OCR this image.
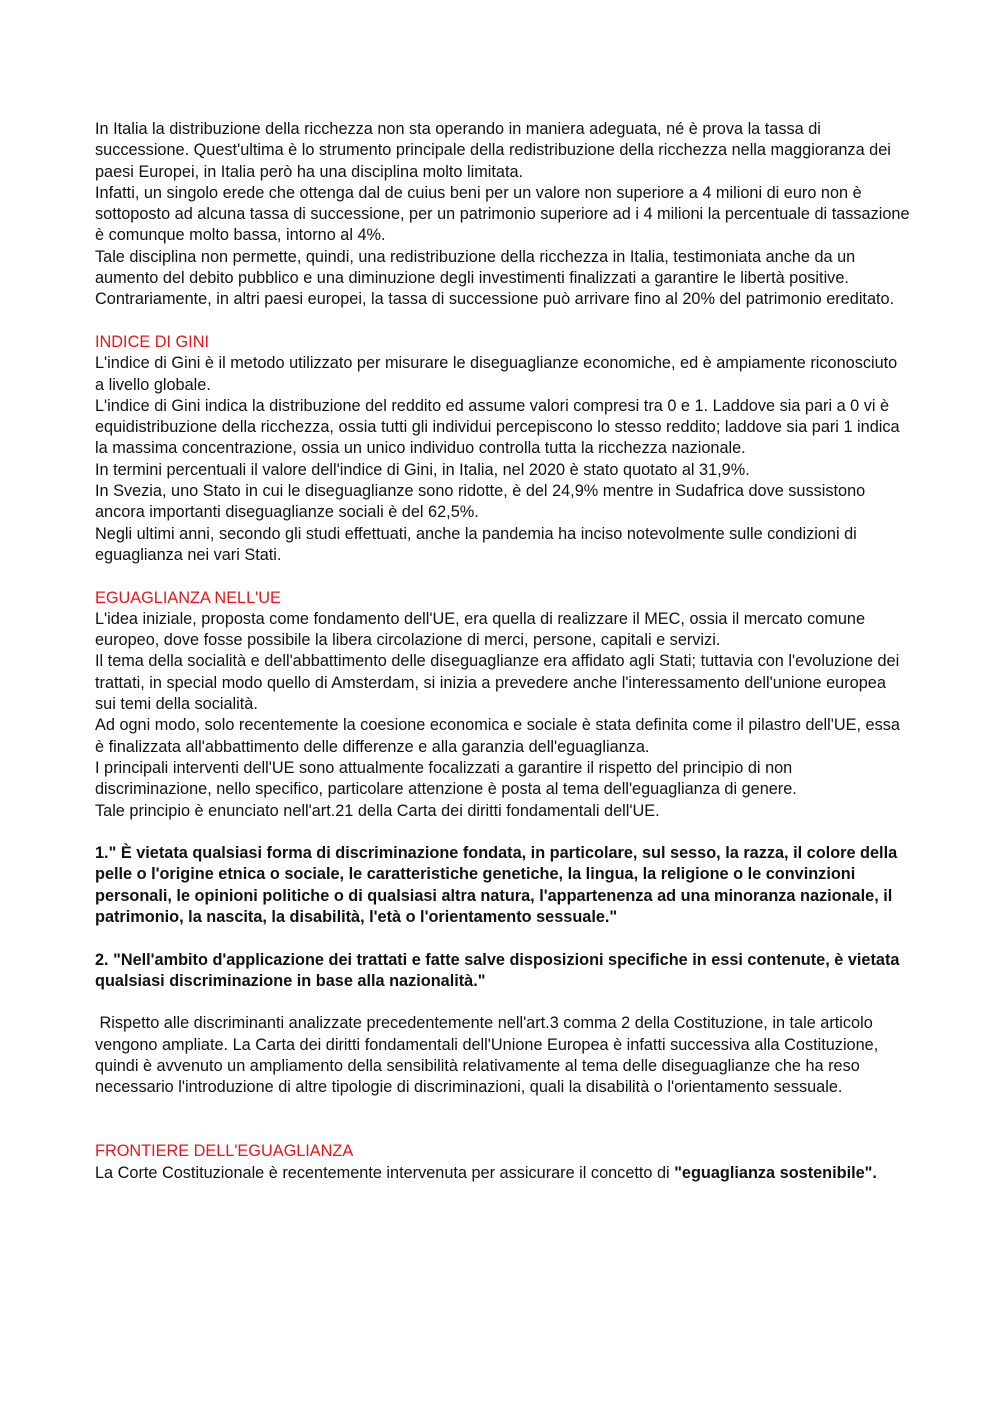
In Italia la distribuzione della ricchezza non sta operando in maniera adeguata, né è prova la tassa di successione. Quest'ultima è lo strumento principale della redistribuzione della ricchezza nella maggioranza dei paesi Europei, in Italia però ha una disciplina molto limitata.

Infatti, un singolo erede che ottenga dal de cuius beni per un valore non superiore a 4 milioni di euro non è sottoposto ad alcuna tassa di successione, per un patrimonio superiore ad i 4 milioni la percentuale di tassazione è comunque molto bassa, intorno al 4%.

Tale disciplina non permette, quindi, una redistribuzione della ricchezza in Italia, testimoniata anche da un aumento del debito pubblico e una diminuzione degli investimenti finalizzati a garantire le libertà positive.

Contrariamente, in altri paesi europei, la tassa di successione può arrivare fino al 20% del patrimonio ereditato.

INDICE DI GINI

L'indice di Gini è il metodo utilizzato per misurare le diseguaglianze economiche, ed è ampiamente riconosciuto a livello globale.

L'indice di Gini indica la distribuzione del reddito ed assume valori compresi tra 0 e 1. Laddove sia pari a 0 vi è equidistribuzione della ricchezza, ossia tutti gli individui percepiscono lo stesso reddito; laddove sia pari 1 indica la massima concentrazione, ossia un unico individuo controlla tutta la ricchezza nazionale.

In termini percentuali il valore dell'indice di Gini, in Italia, nel 2020 è stato quotato al 31,9%.

In Svezia, uno Stato in cui le diseguaglianze sono ridotte, è del 24,9% mentre in Sudafrica dove sussistono ancora importanti diseguaglianze sociali è del 62,5%.

Negli ultimi anni, secondo gli studi effettuati, anche la pandemia ha inciso notevolmente sulle condizioni di eguaglianza nei vari Stati.

EGUAGLIANZA NELL'UE

L'idea iniziale, proposta come fondamento dell'UE, era quella di realizzare il MEC, ossia il mercato comune europeo, dove fosse possibile la libera circolazione di merci, persone, capitali e servizi.

Il tema della socialità e dell'abbattimento delle diseguaglianze era affidato agli Stati; tuttavia con l'evoluzione dei trattati, in special modo quello di Amsterdam, si inizia a prevedere anche l'interessamento dell'unione europea sui temi della socialità.

Ad ogni modo, solo recentemente la coesione economica e sociale è stata definita come il pilastro dell'UE, essa è finalizzata all'abbattimento delle differenze e alla garanzia dell'eguaglianza.

I principali interventi dell'UE sono attualmente focalizzati a garantire il rispetto del principio di non discriminazione, nello specifico, particolare attenzione è posta al tema dell'eguaglianza di genere.

Tale principio è enunciato nell'art.21 della Carta dei diritti fondamentali dell'UE.

1." È vietata qualsiasi forma di discriminazione fondata, in particolare, sul sesso, la razza, il colore della pelle o l'origine etnica o sociale, le caratteristiche genetiche, la lingua, la religione o le convinzioni personali, le opinioni politiche o di qualsiasi altra natura, l'appartenenza ad una minoranza nazionale, il patrimonio, la nascita, la disabilità, l'età o l'orientamento sessuale."

2. "Nell'ambito d'applicazione dei trattati e fatte salve disposizioni specifiche in essi contenute, è vietata qualsiasi discriminazione in base alla nazionalità."

Rispetto alle discriminanti analizzate precedentemente nell'art.3 comma 2 della Costituzione, in tale articolo vengono ampliate. La Carta dei diritti fondamentali dell'Unione Europea è infatti successiva alla Costituzione, quindi è avvenuto un ampliamento della sensibilità relativamente al tema delle diseguaglianze che ha reso necessario l'introduzione di altre tipologie di discriminazioni, quali la disabilità o l'orientamento sessuale.

FRONTIERE DELL'EGUAGLIANZA

La Corte Costituzionale è recentemente intervenuta per assicurare il concetto di "eguaglianza sostenibile".
